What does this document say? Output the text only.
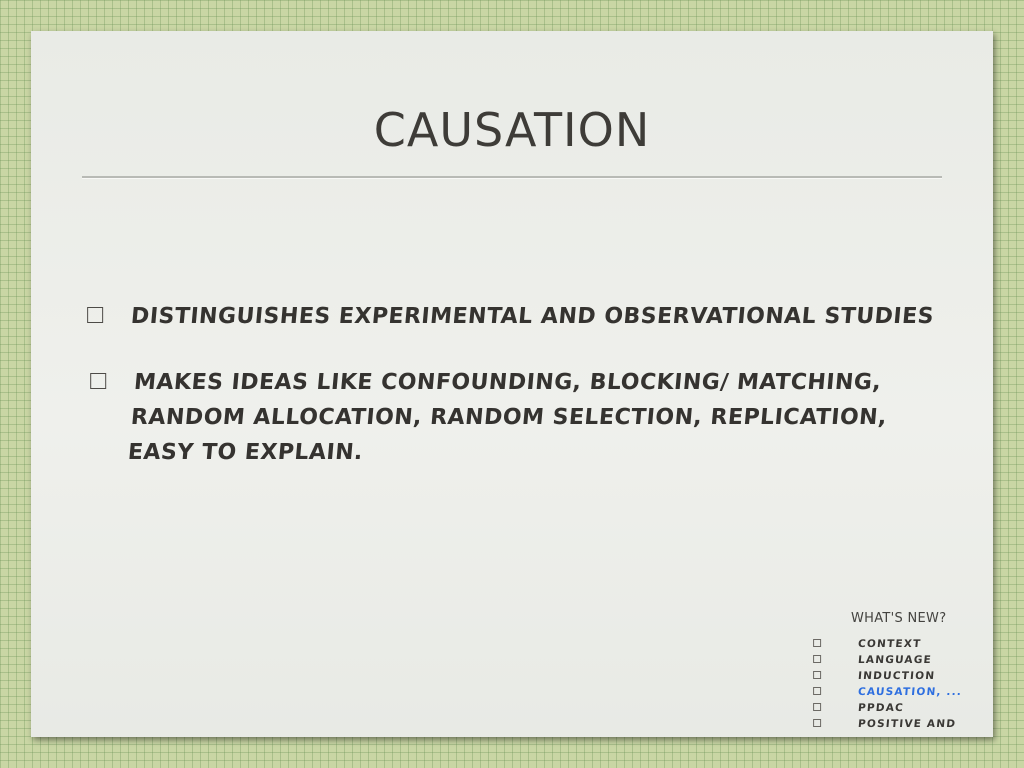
CAUSATION
DISTINGUISHES EXPERIMENTAL AND OBSERVATIONAL STUDIES
MAKES IDEAS LIKE CONFOUNDING, BLOCKING/ MATCHING, RANDOM ALLOCATION, RANDOM SELECTION, REPLICATION, EASY TO EXPLAIN.
WHAT'S NEW?
CONTEXT
LANGUAGE
INDUCTION
CAUSATION, ...
PPDAC
POSITIVE AND
